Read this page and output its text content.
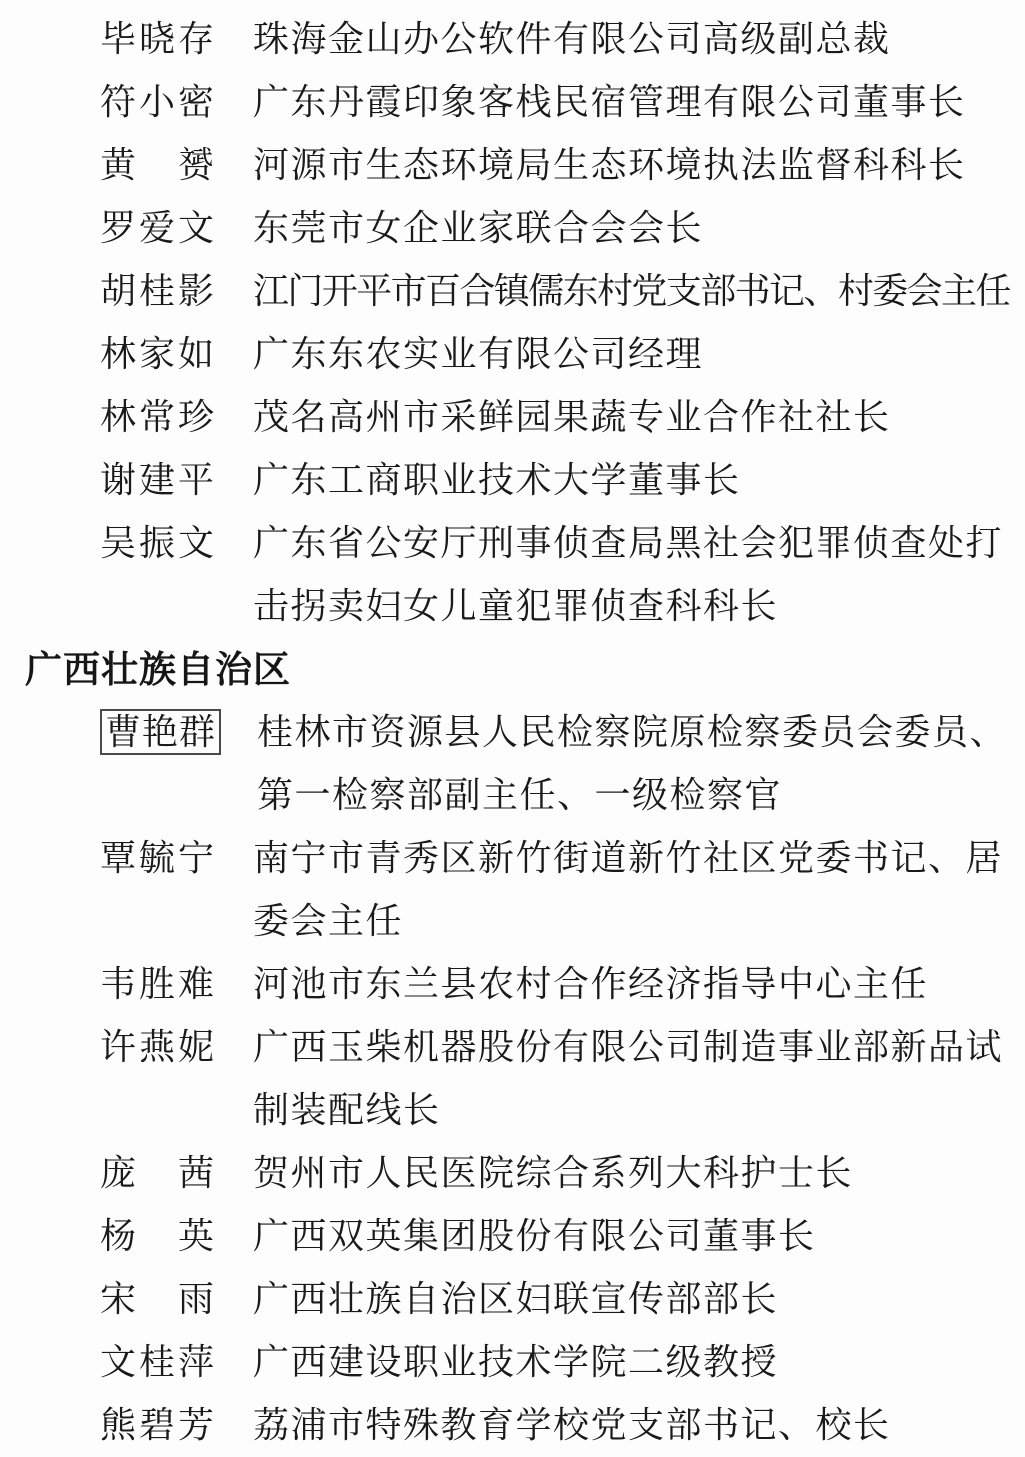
毕晓存 珠海金山办公软件有限公司高级副总裁
符小密 广东丹霞印象客栈民宿管理有限公司董事长
黄　赟 河源市生态环境局生态环境执法监督科科长
罗爱文 东莞市女企业家联合会会长
胡桂影 江门开平市百合镇儒东村党支部书记、村委会主任
林家如 广东东农实业有限公司经理
林常珍 茂名高州市采鲜园果蔬专业合作社社长
谢建平 广东工商职业技术大学董事长
吴振文 广东省公安厅刑事侦查局黑社会犯罪侦查处打击拐卖妇女儿童犯罪侦查科科长
广西壮族自治区
曹艳群 桂林市资源县人民检察院原检察委员会委员、第一检察部副主任、一级检察官
覃毓宁 南宁市青秀区新竹街道新竹社区党委书记、居委会主任
韦胜难 河池市东兰县农村合作经济指导中心主任
许燕妮 广西玉柴机器股份有限公司制造事业部新品试制装配线长
庞　茜 贺州市人民医院综合系列大科护士长
杨　英 广西双英集团股份有限公司董事长
宋　雨 广西壮族自治区妇联宣传部部长
文桂萍 广西建设职业技术学院二级教授
熊碧芳 荔浦市特殊教育学校党支部书记、校长
